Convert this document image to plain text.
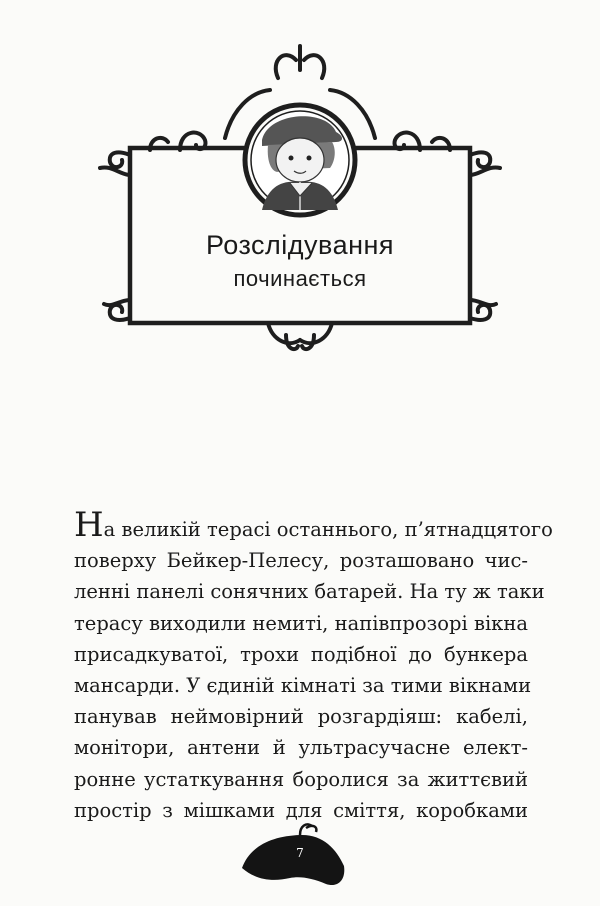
Розслідування
починається
На великій терасі останнього, п’ятнадцятого
поверху Бейкер-Пелесу, розташовано чис-
ленні панелі сонячних батарей. На ту ж таки
терасу виходили немиті, напівпрозорі вікна
присадкуватої, трохи подібної до бункера
мансарди. У єдиній кімнаті за тими вікнами
панував неймовірний розгардіяш: кабелі,
монітори, антени й ультрасучасне елект-
ронне устаткування боролися за життєвий
простір з мішками для сміття, коробками
7
